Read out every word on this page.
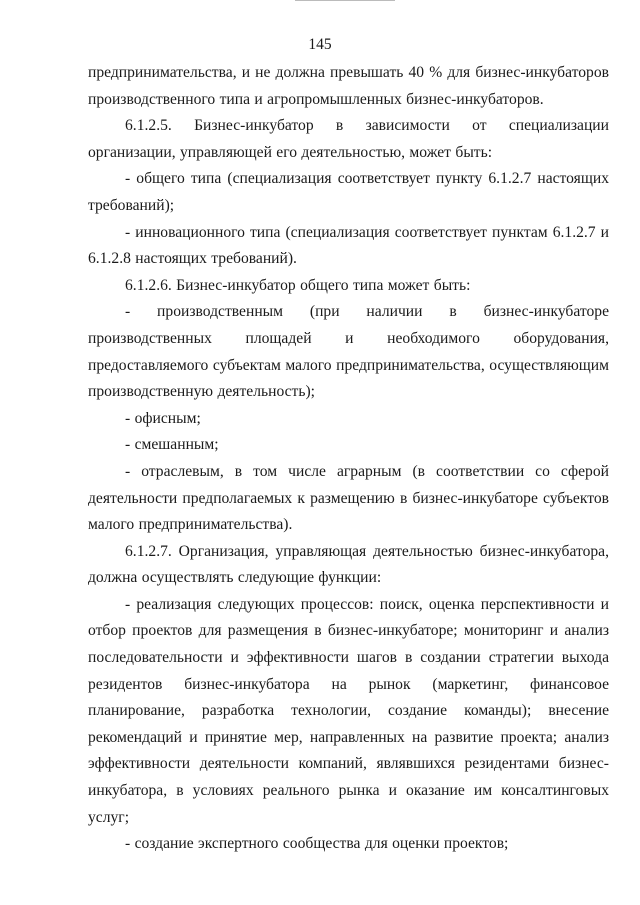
145

предпринимательства, и не должна превышать 40 % для бизнес-инкубаторов производственного типа и агропромышленных бизнес-инкубаторов.

6.1.2.5. Бизнес-инкубатор в зависимости от специализации организации, управляющей его деятельностью, может быть:

- общего типа (специализация соответствует пункту 6.1.2.7 настоящих требований);

- инновационного типа (специализация соответствует пунктам 6.1.2.7 и 6.1.2.8 настоящих требований).

6.1.2.6. Бизнес-инкубатор общего типа может быть:

- производственным (при наличии в бизнес-инкубаторе производственных площадей и необходимого оборудования, предоставляемого субъектам малого предпринимательства, осуществляющим производственную деятельность);

- офисным;

- смешанным;

- отраслевым, в том числе аграрным (в соответствии со сферой деятельности предполагаемых к размещению в бизнес-инкубаторе субъектов малого предпринимательства).

6.1.2.7. Организация, управляющая деятельностью бизнес-инкубатора, должна осуществлять следующие функции:

- реализация следующих процессов: поиск, оценка перспективности и отбор проектов для размещения в бизнес-инкубаторе; мониторинг и анализ последовательности и эффективности шагов в создании стратегии выхода резидентов бизнес-инкубатора на рынок (маркетинг, финансовое планирование, разработка технологии, создание команды); внесение рекомендаций и принятие мер, направленных на развитие проекта; анализ эффективности деятельности компаний, являвшихся резидентами бизнес-инкубатора, в условиях реального рынка и оказание им консалтинговых услуг;

- создание экспертного сообщества для оценки проектов;
